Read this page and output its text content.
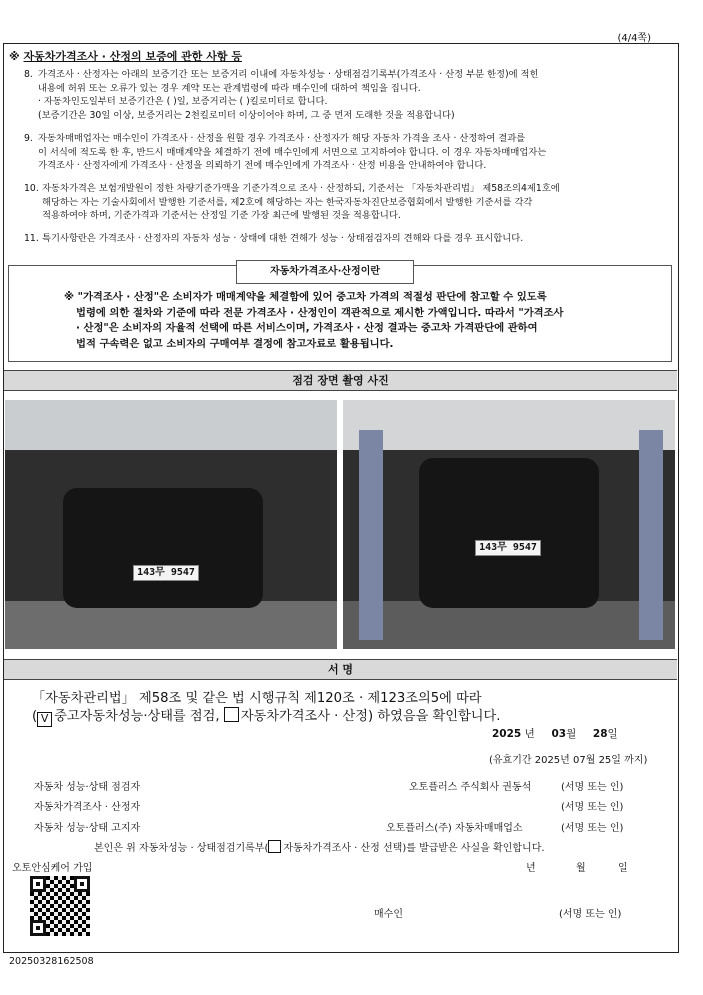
(4/4쪽)
※ 자동차가격조사 · 산정의 보증에 관한 사항 등
8. 가격조사 · 산정자는 아래의 보증기간 또는 보증거리 이내에 자동차성능 · 상태점검기록부(가격조사 · 산정 부분 한정)에 적힌

내용에 허위 또는 오류가 있는 경우 계약 또는 관계법령에 따라 매수인에 대하여 책임을 집니다.

· 자동차인도일부터 보증기간은 ( )일, 보증거리는 ( )킬로미터로 합니다.

(보증기간은 30일 이상, 보증거리는 2천킬로미터 이상이어야 하며, 그 중 먼저 도래한 것을 적용합니다)

9. 자동차매매업자는 매수인이 가격조사 · 산정을 원할 경우 가격조사 · 산정자가 해당 자동차 가격을 조사 · 산정하여 결과를

이 서식에 적도록 한 후, 반드시 매매계약을 체결하기 전에 매수인에게 서면으로 고지하여야 합니다. 이 경우 자동차매매업자는

가격조사 · 산정자에게 가격조사 · 산정을 의뢰하기 전에 매수인에게 가격조사 · 산정 비용을 안내하여야 합니다.

10. 자동차가격은 보험개발원이 정한 차량기준가액을 기준가격으로 조사 · 산정하되, 기준서는 「자동차관리법」 제58조의4제1호에

해당하는 자는 기술사회에서 발행한 기준서를, 제2호에 해당하는 자는 한국자동차진단보증협회에서 발행한 기준서를 각각

적용하여야 하며, 기준가격과 기준서는 산정일 기준 가장 최근에 발행된 것을 적용합니다.

11. 특기사항란은 가격조사 · 산정자의 자동차 성능 · 상태에 대한 견해가 성능 · 상태점검자의 견해와 다를 경우 표시합니다.

자동차가격조사·산정이란
※ "가격조사 · 산정"은 소비자가 매매계약을 체결함에 있어 중고차 가격의 적절성 판단에 참고할 수 있도록
법령에 의한 절차와 기준에 따라 전문 가격조사 · 산정인이 객관적으로 제시한 가액입니다. 따라서 "가격조사
· 산정"은 소비자의 자율적 선택에 따른 서비스이며, 가격조사 · 산정 결과는 중고차 가격판단에 관하여
법적 구속력은 없고 소비자의 구매여부 결정에 참고자료로 활용됩니다.
점검 장면 촬영 사진
143무 9547
143무 9547
서 명
「자동차관리법」 제58조 및 같은 법 시행규칙 제120조 · 제123조의5에 따라
( V 중고자동차성능·상태를 점검, 자동차가격조사 · 산정) 하였음을 확인합니다.
2025 년 03월 28일
(유효기간 2025년 07월 25일 까지)
자동차 성능·상태 점검자	오토플러스 주식회사 권동석	(서명 또는 인)
자동차가격조사 · 산정자	(서명 또는 인)
자동차 성능·상태 고지자	오토플러스(주) 자동차매매업소	(서명 또는 인)
본인은 위 자동차성능 · 상태점검기록부( 자동차가격조사 · 산정 선택)를 발급받은 사실을 확인합니다.
오토안심케어 가입	년	월	일
매수인	(서명 또는 인)
20250328162508
